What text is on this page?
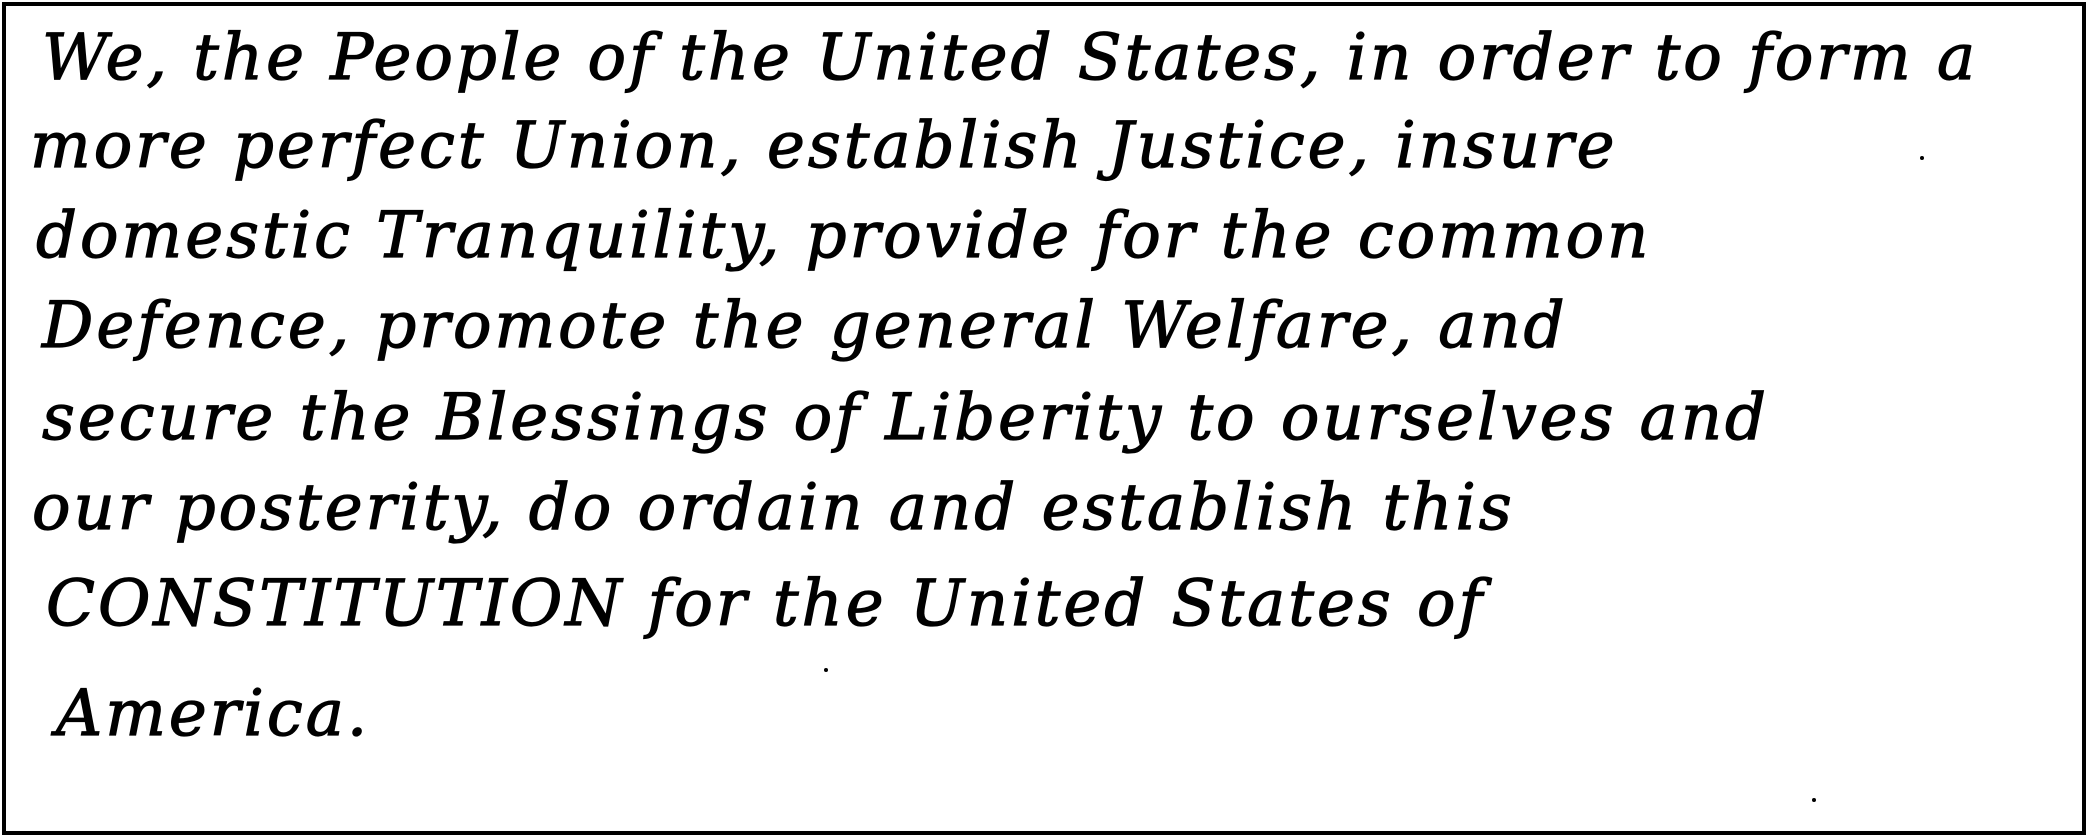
We, the People of the United States, in order to form a
more perfect Union, establish Justice, insure
domestic Tranquility, provide for the common
Defence, promote the general Welfare, and
secure the Blessings of Liberity to ourselves and
our posterity, do ordain and establish this
CONSTITUTION for the United States of
America.
